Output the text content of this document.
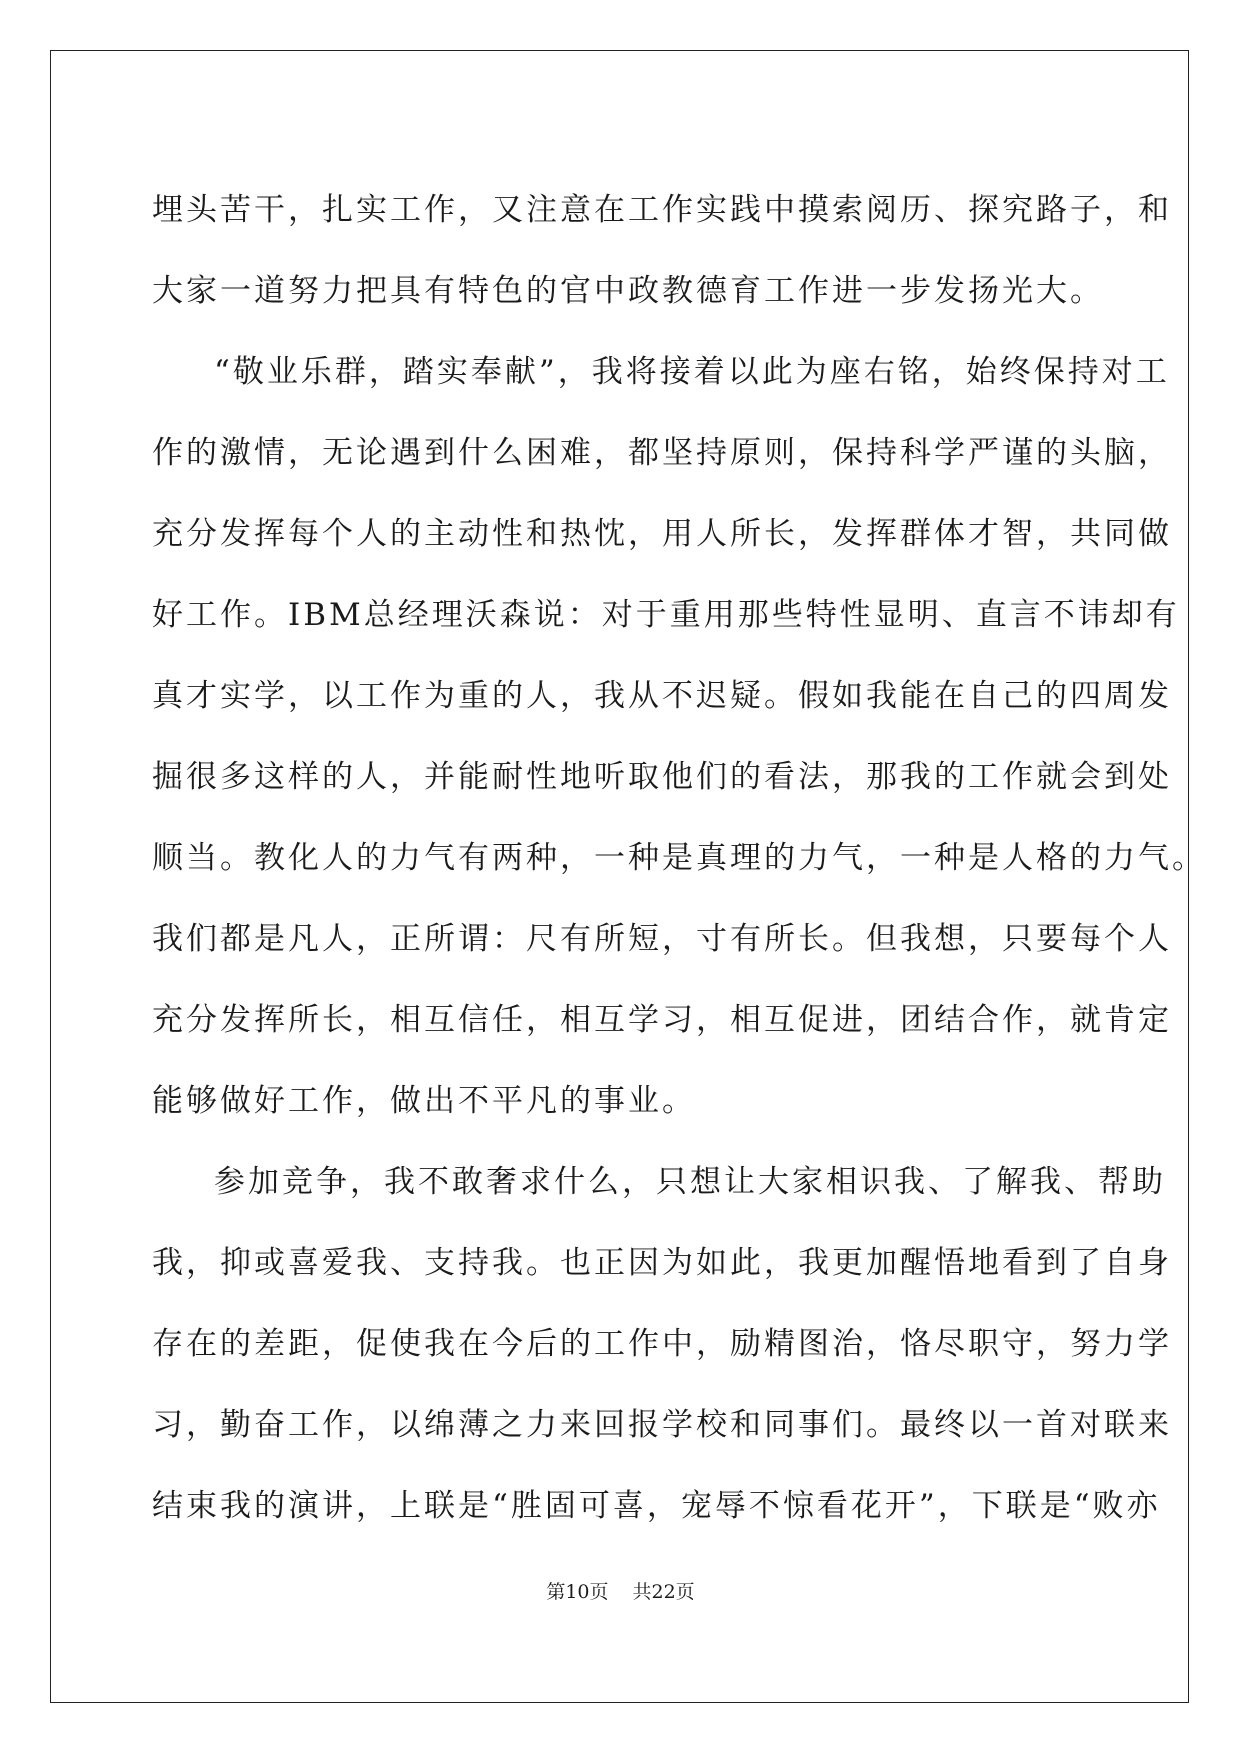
埋头苦干，扎实工作，又注意在工作实践中摸索阅历、探究路子，和
大家一道努力把具有特色的官中政教德育工作进一步发扬光大。
“敬业乐群，踏实奉献”，我将接着以此为座右铭，始终保持对工
作的激情，无论遇到什么困难，都坚持原则，保持科学严谨的头脑，
充分发挥每个人的主动性和热忱，用人所长，发挥群体才智，共同做
好工作。IBM总经理沃森说：对于重用那些特性显明、直言不讳却有
真才实学，以工作为重的人，我从不迟疑。假如我能在自己的四周发
掘很多这样的人，并能耐性地听取他们的看法，那我的工作就会到处
顺当。教化人的力气有两种，一种是真理的力气，一种是人格的力气。
我们都是凡人，正所谓：尺有所短，寸有所长。但我想，只要每个人
充分发挥所长，相互信任，相互学习，相互促进，团结合作，就肯定
能够做好工作，做出不平凡的事业。
参加竞争，我不敢奢求什么，只想让大家相识我、了解我、帮助
我，抑或喜爱我、支持我。也正因为如此，我更加醒悟地看到了自身
存在的差距，促使我在今后的工作中，励精图治，恪尽职守，努力学
习，勤奋工作，以绵薄之力来回报学校和同事们。最终以一首对联来
结束我的演讲，上联是“胜固可喜，宠辱不惊看花开”，下联是“败亦
第10页 共22页
